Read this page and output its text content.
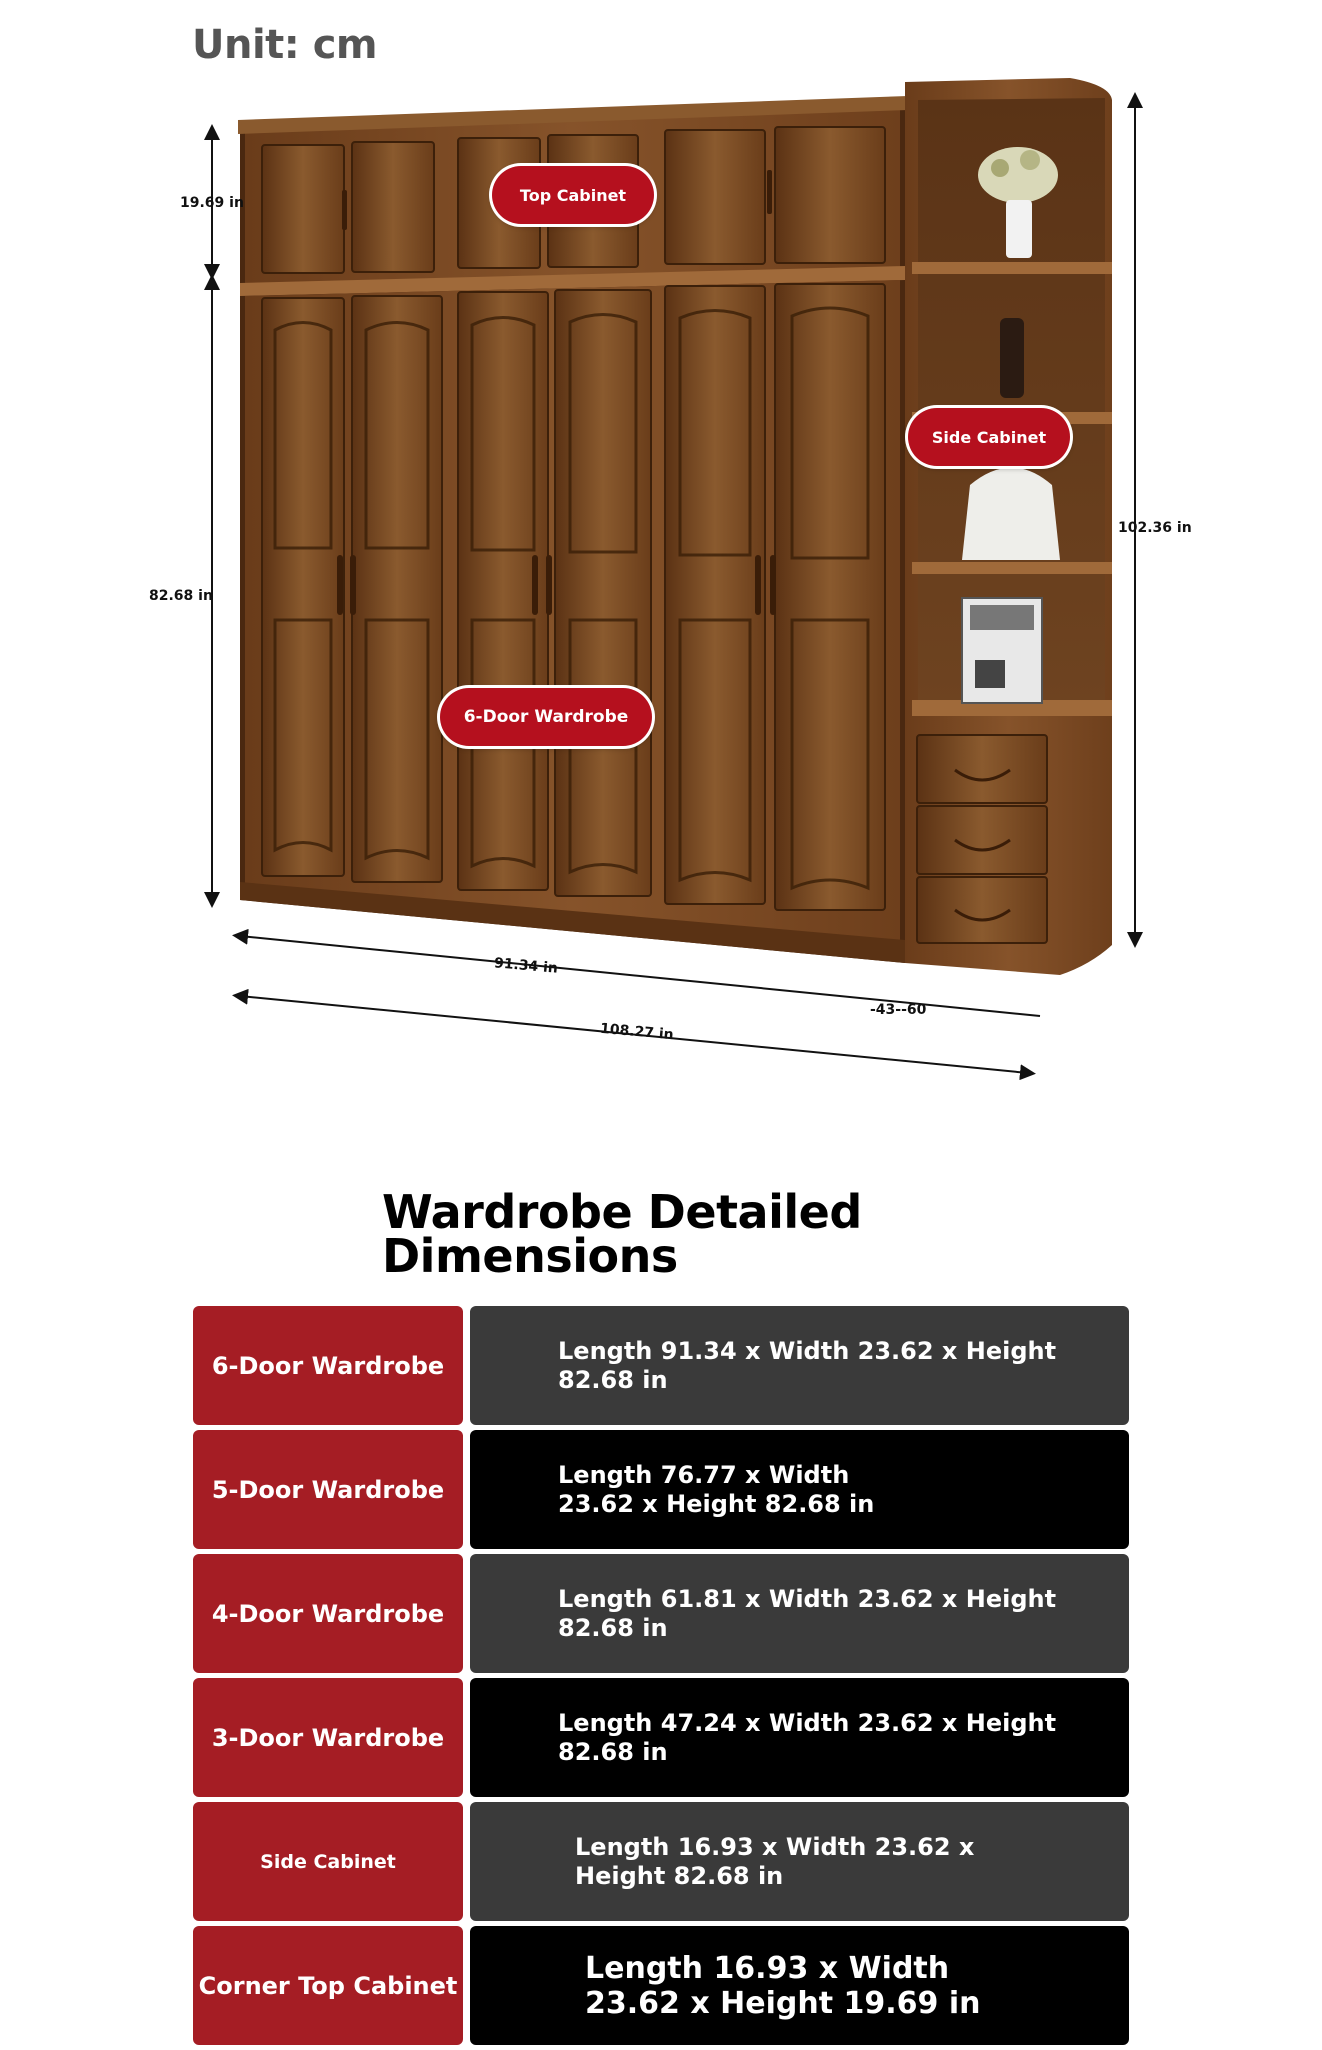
Unit: cm
19.69 in
82.68 in
102.36 in
91.34 in
108.27 in
-43--60
Top Cabinet
Side Cabinet
6-Door Wardrobe
Wardrobe Detailed
Dimensions
6-Door Wardrobe
Length 91.34 x Width 23.62 x Height 82.68 in
5-Door Wardrobe
Length 76.77 x Width 23.62 x Height 82.68 in
4-Door Wardrobe
Length 61.81 x Width 23.62 x Height 82.68 in
3-Door Wardrobe
Length 47.24 x Width 23.62 x Height 82.68 in
Side Cabinet
Length 16.93 x Width 23.62 x Height 82.68 in
Corner Top Cabinet	Length 16.93 x Width 23.62 x Height 19.69 in
